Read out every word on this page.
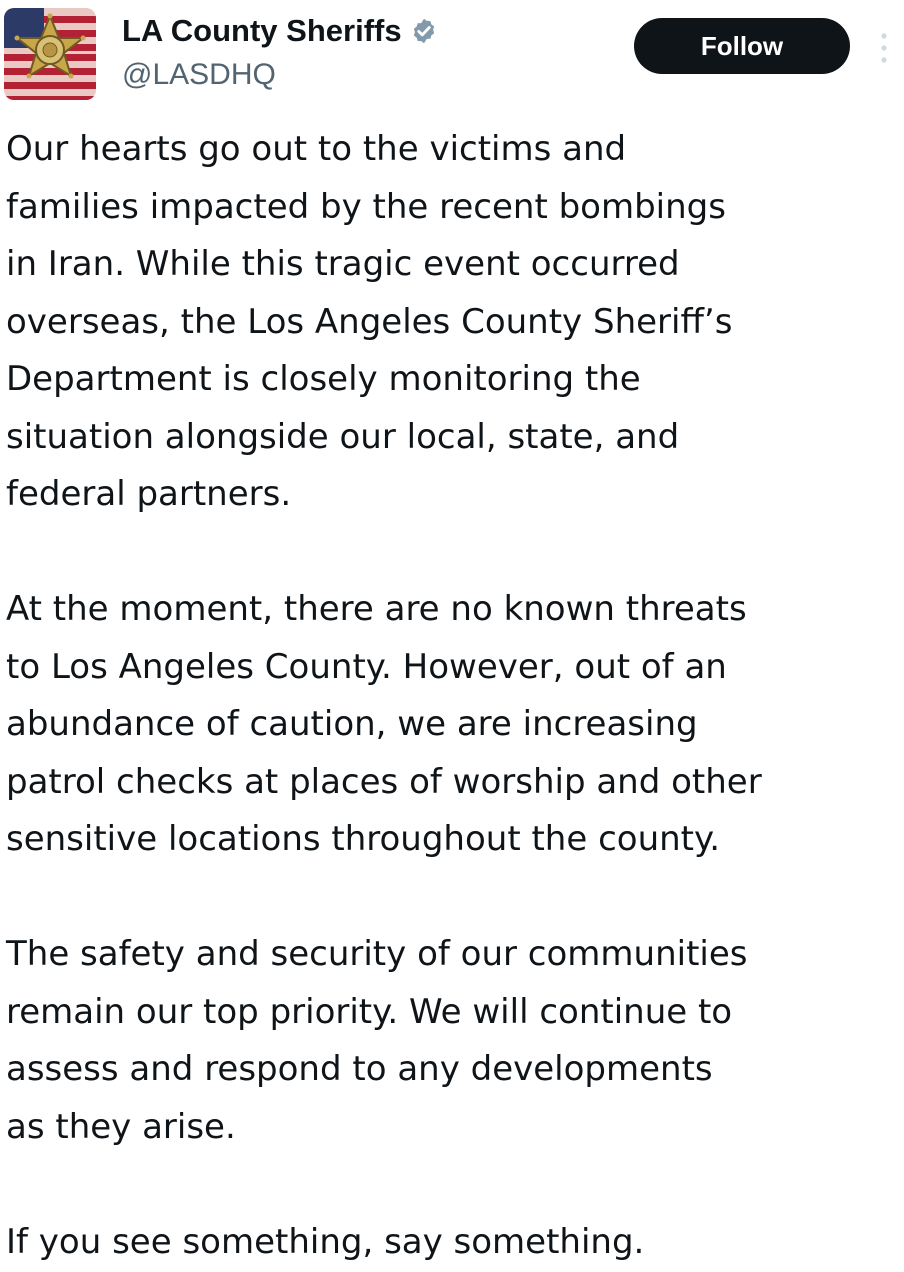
LA County Sheriffs
@LASDHQ
Follow

Our hearts go out to the victims and
families impacted by the recent bombings
in Iran. While this tragic event occurred
overseas, the Los Angeles County Sheriff’s
Department is closely monitoring the
situation alongside our local, state, and
federal partners.

At the moment, there are no known threats
to Los Angeles County. However, out of an
abundance of caution, we are increasing
patrol checks at places of worship and other
sensitive locations throughout the county.

The safety and security of our communities
remain our top priority. We will continue to
assess and respond to any developments
as they arise.

If you see something, say something.
